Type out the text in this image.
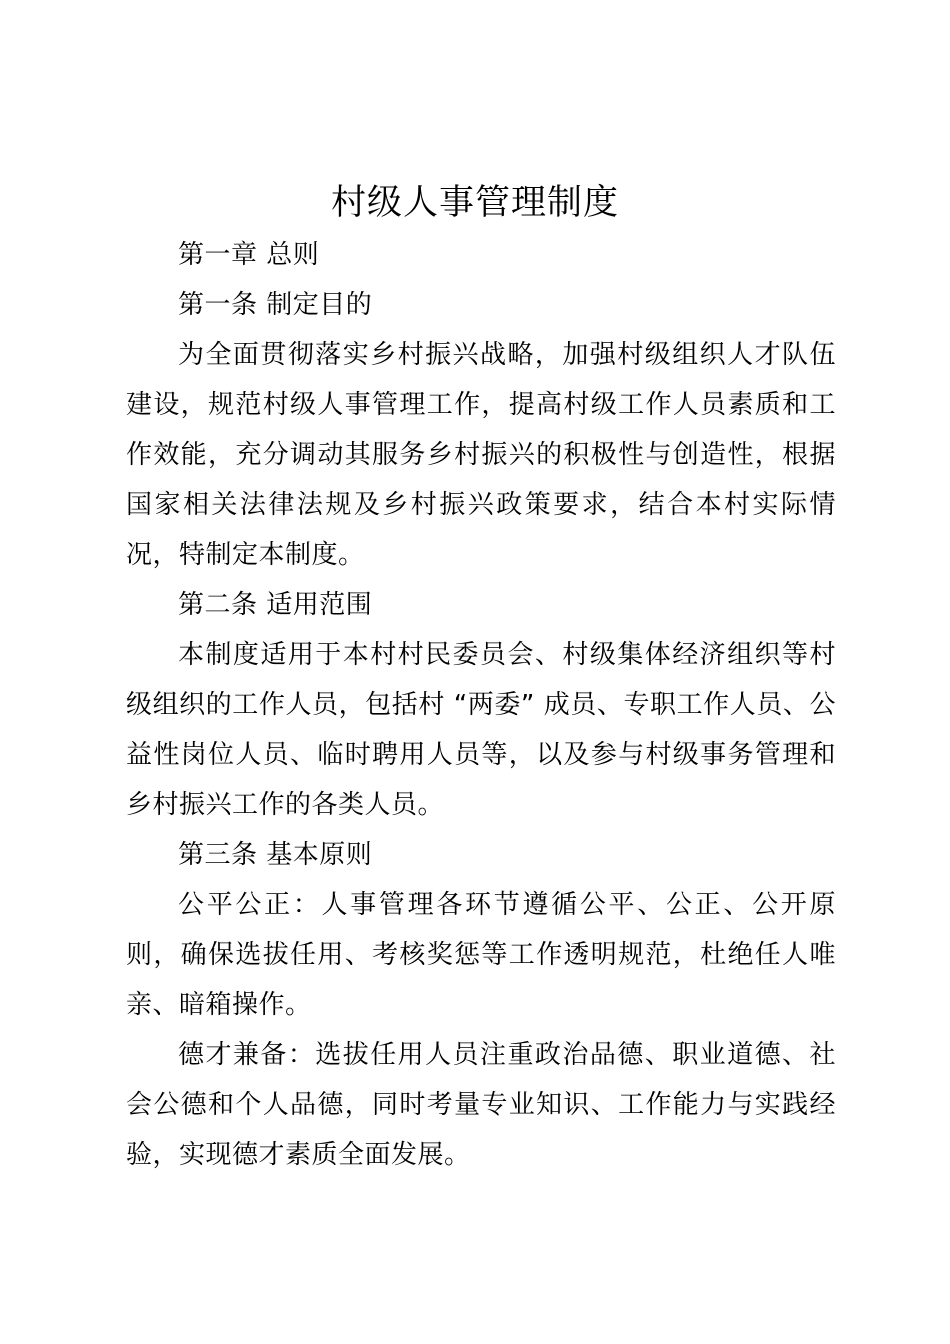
村级人事管理制度

第一章 总则

第一条 制定目的

为全面贯彻落实乡村振兴战略，加强村级组织人才队伍建设，规范村级人事管理工作，提高村级工作人员素质和工作效能，充分调动其服务乡村振兴的积极性与创造性，根据国家相关法律法规及乡村振兴政策要求，结合本村实际情况，特制定本制度。

第二条 适用范围

本制度适用于本村村民委员会、村级集体经济组织等村级组织的工作人员，包括村 “两委” 成员、专职工作人员、公益性岗位人员、临时聘用人员等，以及参与村级事务管理和乡村振兴工作的各类人员。

第三条 基本原则

公平公正：人事管理各环节遵循公平、公正、公开原则，确保选拔任用、考核奖惩等工作透明规范，杜绝任人唯亲、暗箱操作。

德才兼备：选拔任用人员注重政治品德、职业道德、社会公德和个人品德，同时考量专业知识、工作能力与实践经验，实现德才素质全面发展。
